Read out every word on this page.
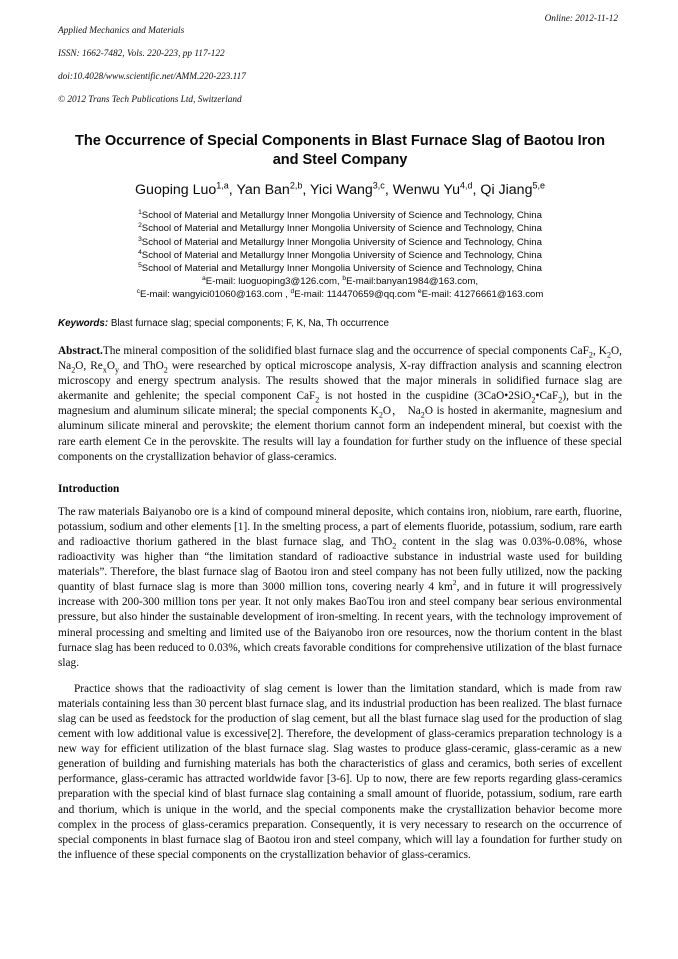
Applied Mechanics and Materials

ISSN: 1662-7482, Vols. 220-223, pp 117-122

doi:10.4028/www.scientific.net/AMM.220-223.117

© 2012 Trans Tech Publications Ltd, Switzerland

Online: 2012-11-12
The Occurrence of Special Components in Blast Furnace Slag of Baotou Iron and Steel Company
Guoping Luo$^{1,a}$, Yan Ban$^{2,b}$, Yici Wang$^{3,c}$, Wenwu Yu$^{4,d}$, Qi Jiang$^{5,e}$
$^1$School of Material and Metallurgy Inner Mongolia University of Science and Technology, China
$^2$School of Material and Metallurgy Inner Mongolia University of Science and Technology, China
$^3$School of Material and Metallurgy Inner Mongolia University of Science and Technology, China
$^4$School of Material and Metallurgy Inner Mongolia University of Science and Technology, China
$^5$School of Material and Metallurgy Inner Mongolia University of Science and Technology, China
$^a$E-mail: luoguoping3@126.com, $^b$E-mail:banyan1984@163.com,
$^c$E-mail: wangyici01060@163.com , $^d$E-mail: 114470659@qq.com $^e$E-mail: 41276661@163.com
Keywords: Blast furnace slag; special components; F, K, Na, Th occurrence
Abstract.The mineral composition of the solidified blast furnace slag and the occurrence of special components CaF$_2$, $K_2O$, $Na_2O$, $Re_xO_y$ and ThO$_2$ were researched by optical microscope analysis, X-ray diffraction analysis and scanning electron microscopy and energy spectrum analysis. The results showed that the major minerals in solidified furnace slag are akermanite and gehlenite; the special component CaF$_2$ is not hosted in the cuspidine (3CaO•2SiO$_2$•CaF$_2$), but in the magnesium and aluminum silicate mineral; the special components $K_2O$， $Na_2O$ is hosted in akermanite, magnesium and aluminum silicate mineral and perovskite; the element thorium cannot form an independent mineral, but coexist with the rare earth element Ce in the perovskite. The results will lay a foundation for further study on the influence of these special components on the crystallization behavior of glass-ceramics.
Introduction
The raw materials Baiyanobo ore is a kind of compound mineral deposite, which contains iron, niobium, rare earth, fluorine, potassium, sodium and other elements [1]. In the smelting process, a part of elements fluoride, potassium, sodium, rare earth and radioactive thorium gathered in the blast furnace slag, and ThO$_2$ content in the slag was 0.03%-0.08%, whose radioactivity was higher than “the limitation standard of radioactive substance in industrial waste used for building materials”. Therefore, the blast furnace slag of Baotou iron and steel company has not been fully utilized, now the packing quantity of blast furnace slag is more than 3000 million tons, covering nearly 4 $km^2$, and in future it will progressively increase with 200-300 million tons per year. It not only makes BaoTou iron and steel company bear serious environmental pressure, but also hinder the sustainable development of iron-smelting. In recent years, with the technology improvement of mineral processing and smelting and limited use of the Baiyanobo iron ore resources, now the thorium content in the blast furnace slag has been reduced to 0.03%, which creats favorable conditions for comprehensive utilization of the blast furnace slag.
Practice shows that the radioactivity of slag cement is lower than the limitation standard, which is made from raw materials containing less than 30 percent blast furnace slag, and its industrial production has been realized. The blast furnace slag can be used as feedstock for the production of slag cement, but all the blast furnace slag used for the production of slag cement with low additional value is excessive[2]. Therefore, the development of glass-ceramics preparation technology is a new way for efficient utilization of the blast furnace slag. Slag wastes to produce glass-ceramic, glass-ceramic as a new generation of building and furnishing materials has both the characteristics of glass and ceramics, both series of excellent performance, glass-ceramic has attracted worldwide favor [3-6]. Up to now, there are few reports regarding glass-ceramics preparation with the special kind of blast furnace slag containing a small amount of fluoride, potassium, sodium, rare earth and thorium, which is unique in the world, and the special components make the crystallization behavior become more complex in the process of glass-ceramics preparation. Consequently, it is very necessary to research on the occurrence of special components in blast furnace slag of Baotou iron and steel company, which will lay a foundation for further study on the influence of these special components on the crystallization behavior of glass-ceramics.
